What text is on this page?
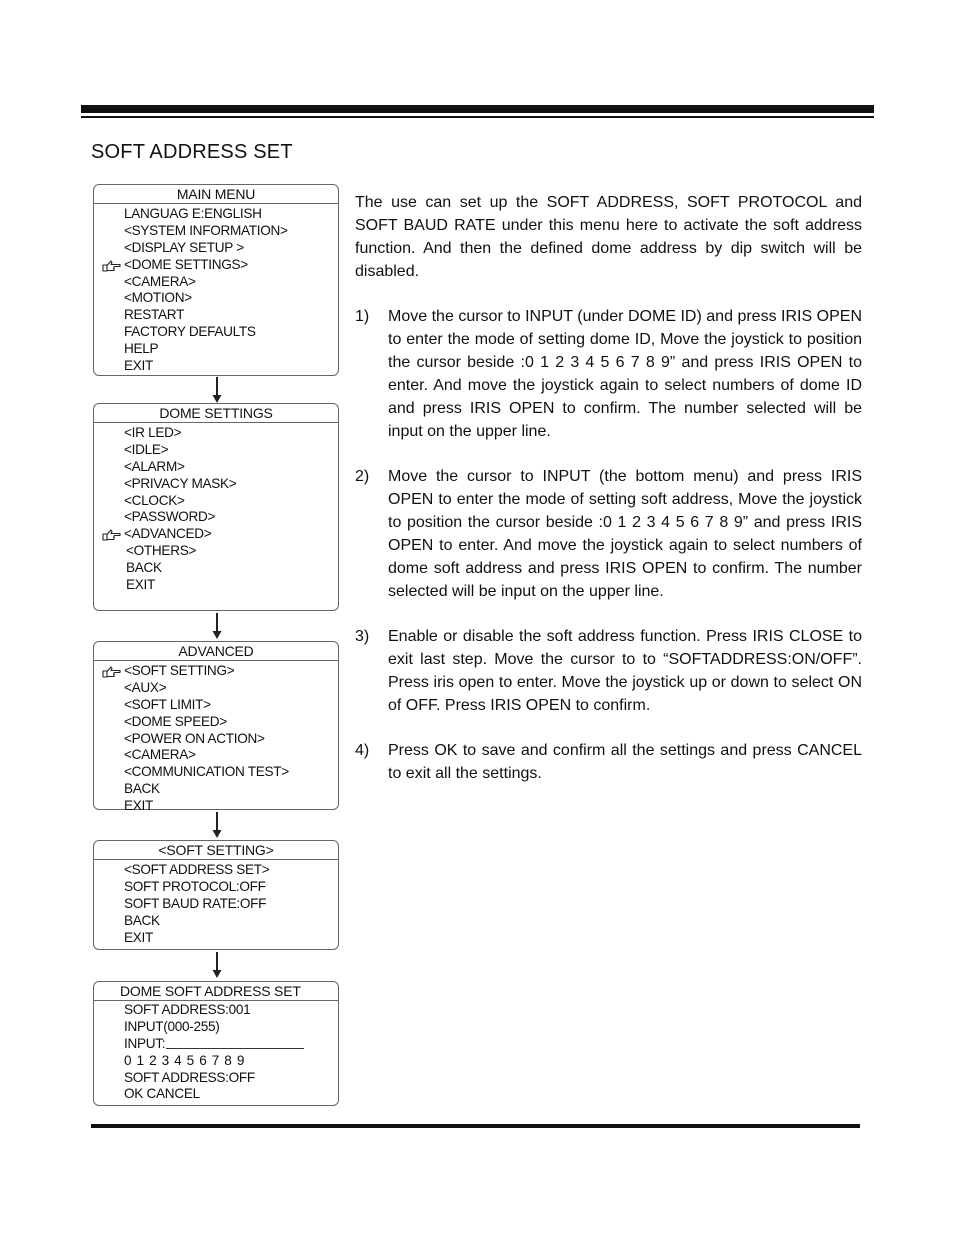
SOFT ADDRESS SET
MAIN MENU
LANGUAG E:ENGLISH
<SYSTEM INFORMATION>
<DISPLAY SETUP >
<DOME SETTINGS>
<CAMERA>
<MOTION>
RESTART
FACTORY DEFAULTS
HELP
EXIT
DOME SETTINGS
<IR LED>
<IDLE>
<ALARM>
<PRIVACY MASK>
<CLOCK>
<PASSWORD>
<ADVANCED>
<OTHERS>
BACK
EXIT
ADVANCED
<SOFT SETTING>
<AUX>
<SOFT LIMIT>
<DOME SPEED>
<POWER ON ACTION>
<CAMERA>
<COMMUNICATION TEST>
BACK
EXIT
<SOFT SETTING>
<SOFT ADDRESS SET>
SOFT PROTOCOL:OFF
SOFT BAUD RATE:OFF
BACK
EXIT
DOME SOFT ADDRESS SET
SOFT ADDRESS:001
INPUT(000-255)
INPUT:
0 1 2 3 4 5 6 7 8 9
SOFT ADDRESS:OFF
OK CANCEL

The use can set up the SOFT ADDRESS, SOFT PROTOCOL and SOFT BAUD RATE under this menu here to activate the soft address function. And then the defined dome address by dip switch will be disabled.

1) Move the cursor to INPUT (under DOME ID) and press IRIS OPEN to enter the mode of setting dome ID, Move the joystick to position the cursor beside :0 1 2 3 4 5 6 7 8 9” and press IRIS OPEN to enter. And move the joystick again to select numbers of dome ID and press IRIS OPEN to confirm. The number selected will be input on the upper line.
2) Move the cursor to INPUT (the bottom menu) and press IRIS OPEN to enter the mode of setting soft address, Move the joystick to position the cursor beside :0 1 2 3 4 5 6 7 8 9” and press IRIS OPEN to enter. And move the joystick again to select numbers of dome soft address and press IRIS OPEN to confirm. The number selected will be input on the upper line.
3) Enable or disable the soft address function. Press IRIS CLOSE to exit last step. Move the cursor to to “SOFTADDRESS:ON/OFF”. Press iris open to enter. Move the joystick up or down to select ON of OFF. Press IRIS OPEN to confirm.
4) Press OK to save and confirm all the settings and press CANCEL to exit all the settings.
